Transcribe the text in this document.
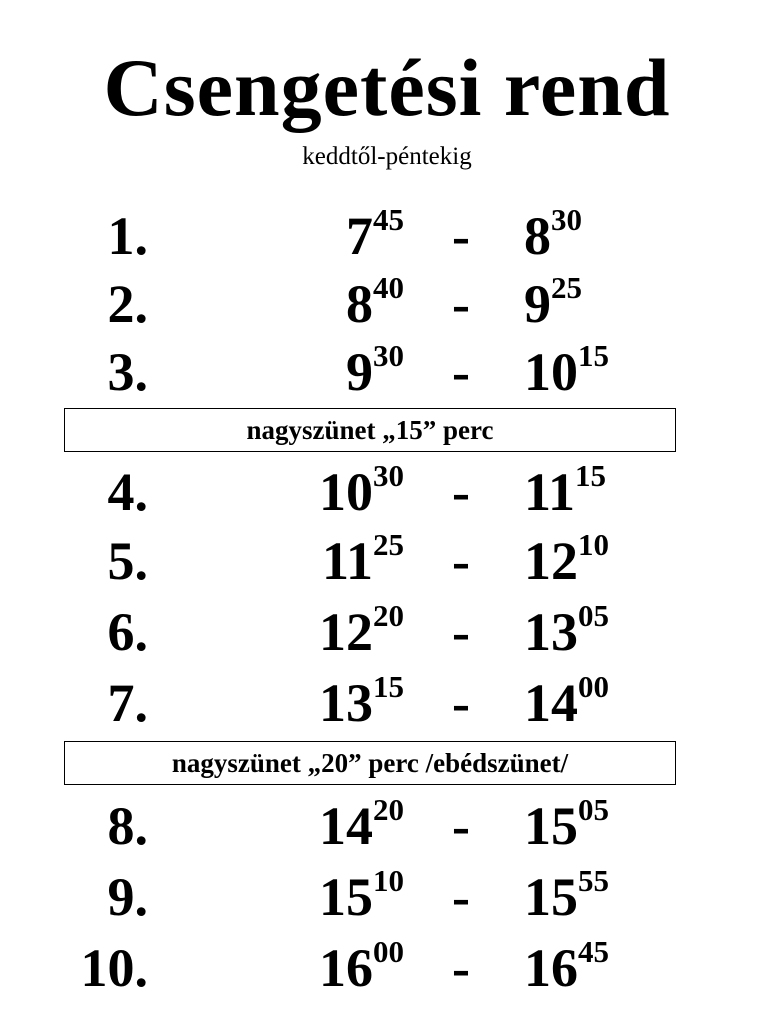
Csengetési rend
keddtől-péntekig
1.	$7^{45} - 8^{30}$
2.	$8^{40} - 9^{25}$
3.	$9^{30} - 10^{15}$
nagyszünet „15” perc
4.	$10^{30} - 11^{15}$
5.	$11^{25} - 12^{10}$
6.	$12^{20} - 13^{05}$
7.	$13^{15} - 14^{00}$
nagyszünet „20” perc /ebédszünet/
8.	$14^{20} - 15^{05}$
9.	$15^{10} - 15^{55}$
10.	$16^{00} - 16^{45}$
